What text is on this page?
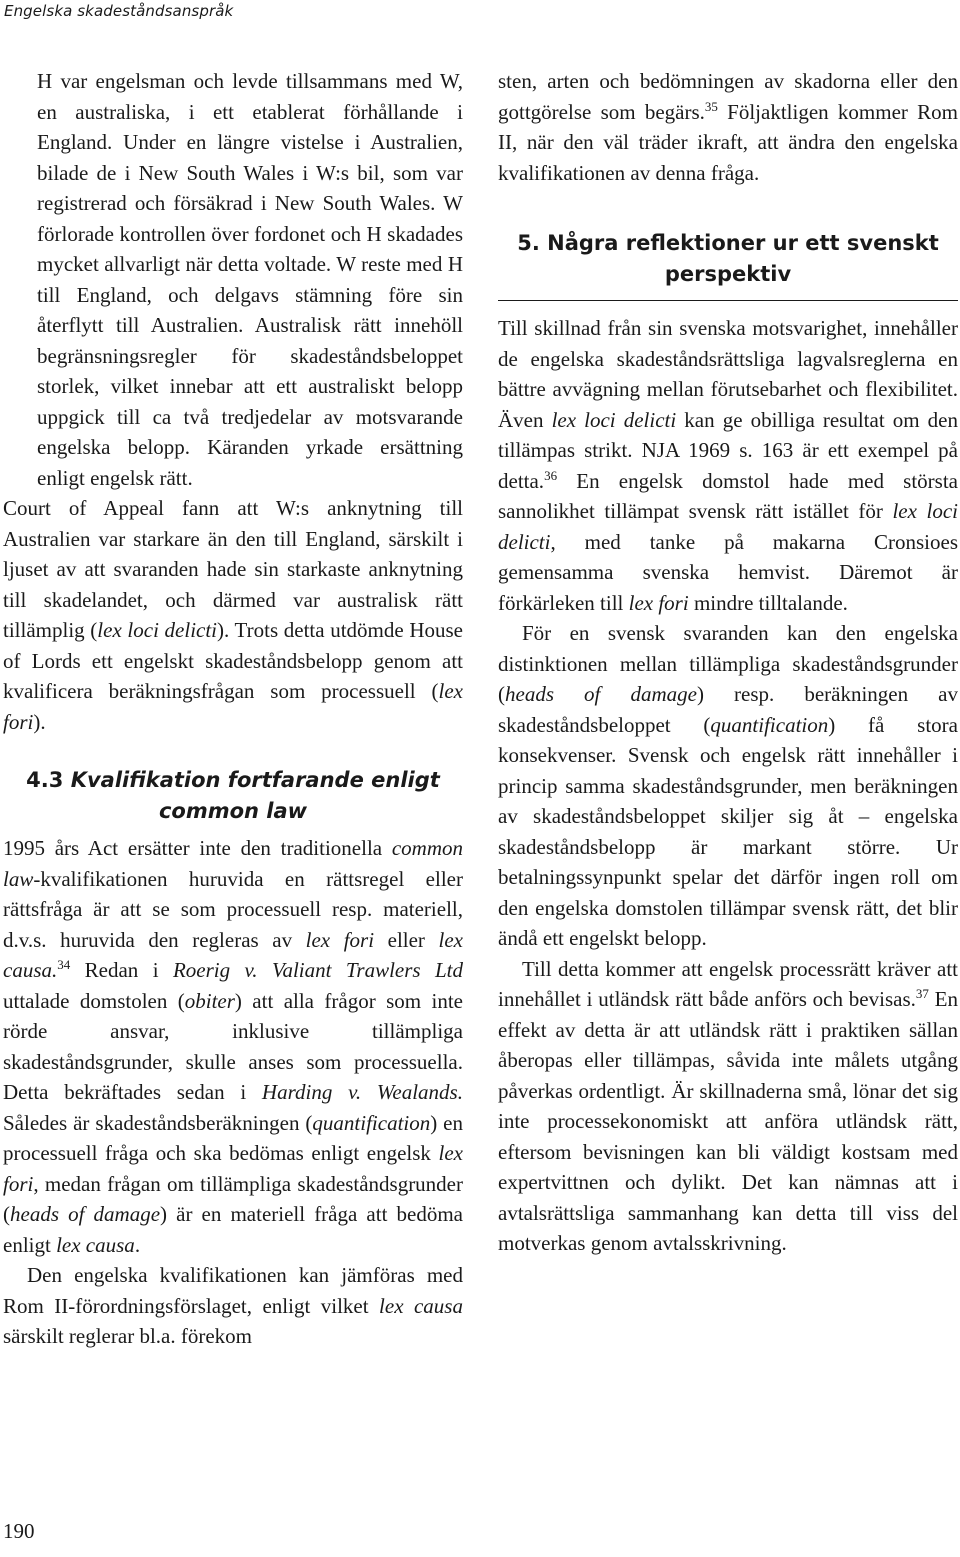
Engelska skadeståndsanspråk

H var engelsman och levde tillsammans med W, en australiska, i ett etablerat förhållande i England. Under en längre vistelse i Australien, bilade de i New South Wales i W:s bil, som var registrerad och försäkrad i New South Wales. W förlorade kontrollen över fordonet och H skadades mycket allvarligt när detta voltade. W reste med H till England, och delgavs stämning före sin återflytt till Australien. Australisk rätt innehöll begränsningsregler för skadeståndsbeloppet storlek, vilket innebar att ett australiskt belopp uppgick till ca två tredjedelar av motsvarande engelska belopp. Käranden yrkade ersättning enligt engelsk rätt.

Court of Appeal fann att W:s anknytning till Australien var starkare än den till England, särskilt i ljuset av att svaranden hade sin starkaste anknytning till skadelandet, och därmed var australisk rätt tillämplig (lex loci delicti). Trots detta utdömde House of Lords ett engelskt skadeståndsbelopp genom att kvalificera beräkningsfrågan som processuell (lex fori).

4.3 Kvalifikation fortfarande enligt common law

1995 års Act ersätter inte den traditionella common law-kvalifikationen huruvida en rättsregel eller rättsfråga är att se som processuell resp. materiell, d.v.s. huruvida den regleras av lex fori eller lex causa.$^{34}$ Redan i Roerig v. Valiant Trawlers Ltd uttalade domstolen (obiter) att alla frågor som inte rörde ansvar, inklusive tillämpliga skadeståndsgrunder, skulle anses som processuella. Detta bekräftades sedan i Harding v. Wealands. Således är skadeståndsberäkningen (quantification) en processuell fråga och ska bedömas enligt engelsk lex fori, medan frågan om tillämpliga skadeståndsgrunder (heads of damage) är en materiell fråga att bedöma enligt lex causa.

Den engelska kvalifikationen kan jämföras med Rom II-förordningsförslaget, enligt vilket lex causa särskilt reglerar bl.a. förekom

sten, arten och bedömningen av skadorna eller den gottgörelse som begärs.$^{35}$ Följaktligen kommer Rom II, när den väl träder ikraft, att ändra den engelska kvalifikationen av denna fråga.

5. Några reflektioner ur ett svenskt perspektiv

Till skillnad från sin svenska motsvarighet, innehåller de engelska skadeståndsrättsliga lagvalsreglerna en bättre avvägning mellan förutsebarhet och flexibilitet. Även lex loci delicti kan ge obilliga resultat om den tillämpas strikt. NJA 1969 s. 163 är ett exempel på detta.$^{36}$ En engelsk domstol hade med största sannolikhet tillämpat svensk rätt istället för lex loci delicti, med tanke på makarna Cronsioes gemensamma svenska hemvist. Däremot är förkärleken till lex fori mindre tilltalande.

För en svensk svaranden kan den engelska distinktionen mellan tillämpliga skadeståndsgrunder (heads of damage) resp. beräkningen av skadeståndsbeloppet (quantification) få stora konsekvenser. Svensk och engelsk rätt innehåller i princip samma skadeståndsgrunder, men beräkningen av skadeståndsbeloppet skiljer sig åt – engelska skadeståndsbelopp är markant större. Ur betalningssynpunkt spelar det därför ingen roll om den engelska domstolen tillämpar svensk rätt, det blir ändå ett engelskt belopp.

Till detta kommer att engelsk processrätt kräver att innehållet i utländsk rätt både anförs och bevisas.$^{37}$ En effekt av detta är att utländsk rätt i praktiken sällan åberopas eller tillämpas, såvida inte målets utgång påverkas ordentligt. Är skillnaderna små, lönar det sig inte processekonomiskt att anföra utländsk rätt, eftersom bevisningen kan bli väldigt kostsam med expertvittnen och dylikt. Det kan nämnas att i avtalsrättsliga sammanhang kan detta till viss del motverkas genom avtalsskrivning.

190
